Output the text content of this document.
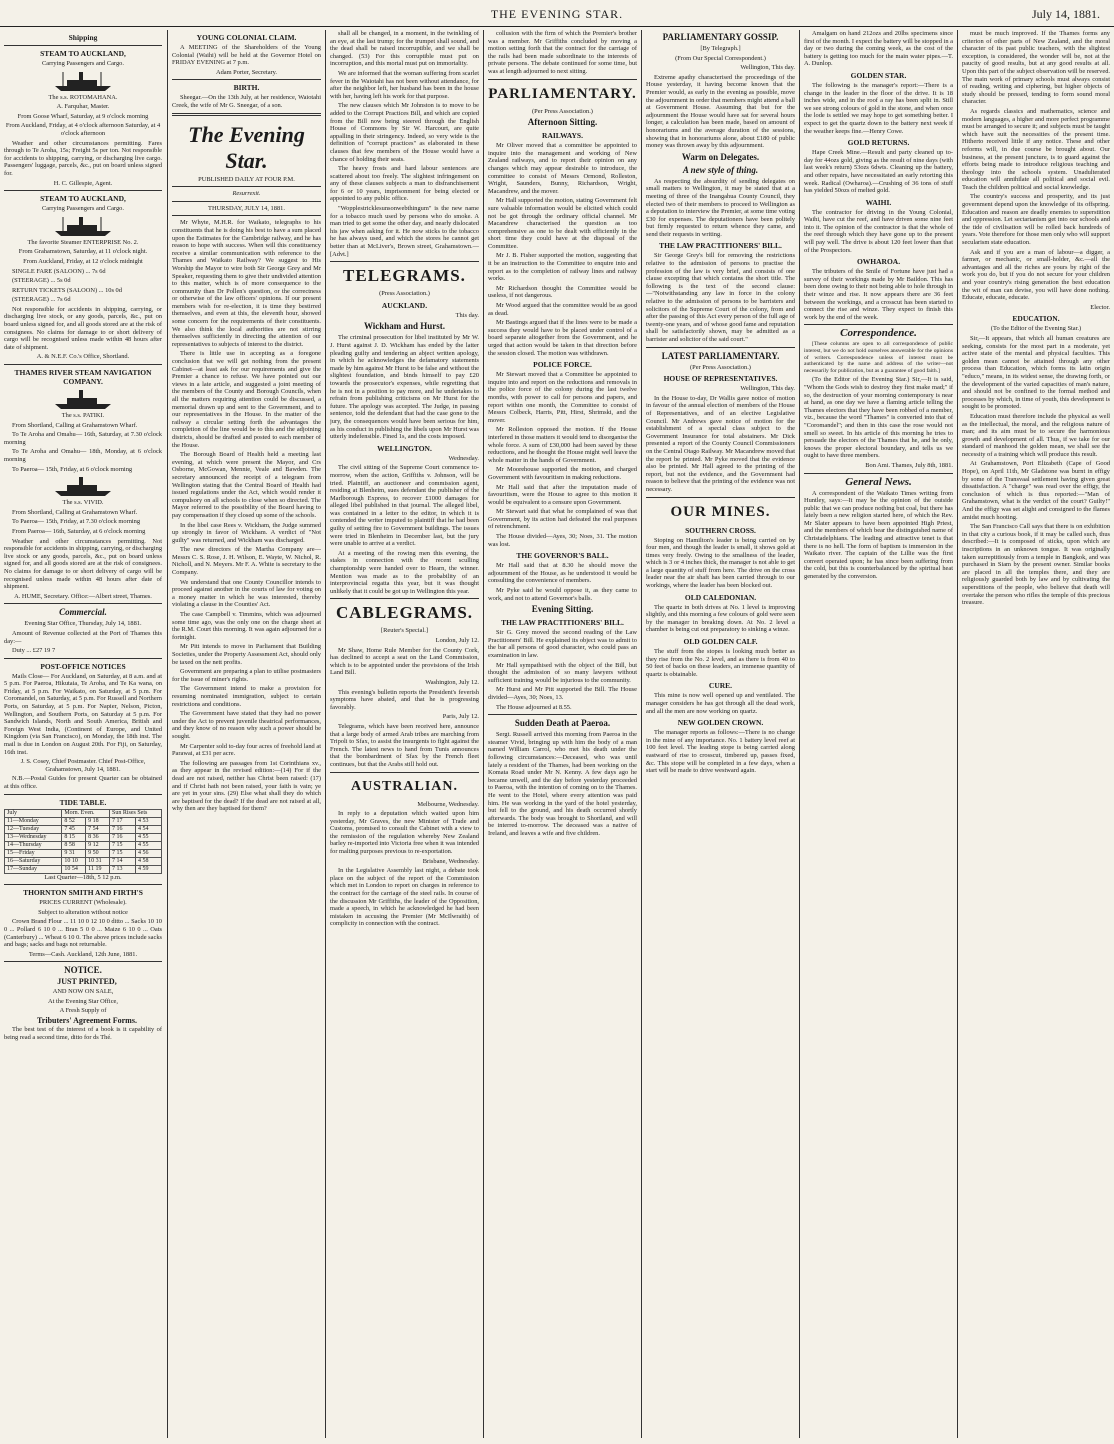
THE EVENING STAR.	July 14, 1881.
Shipping
STEAM TO AUCKLAND,

Carrying Passengers and Cargo.

The s.s. ROTOMAHANA.

A. Farquhar, Master.

From Goose Wharf, Saturday, at 9 o'clock morning

From Auckland, Friday, at 4 o'clock afternoon Saturday, at 4 o'clock afternoon

Weather and other circumstances permitting. Fares through to Te Aroha, 15s; Freight 5s per ton. Not responsible for accidents to shipping, carrying, or discharging live cargo. Passengers' luggage, parcels, &c., put on board unless signed for.

H. C. Gillespie, Agent.

STEAM TO AUCKLAND,

Carrying Passengers and Cargo.

The favorite Steamer ENTERPRISE No. 2.

From Grahamstown, Saturday, at 11 o'clock night.

From Auckland, Friday, at 12 o'clock midnight

SINGLE FARE (SALOON) ... 7s 6d

(STEERAGE) ... 5s 0d

RETURN TICKETS (SALOON) ... 10s 0d

(STEERAGE) ... 7s 6d

Not responsible for accidents in shipping, carrying, or discharging live stock, or any goods, parcels, &c., put on board unless signed for, and all goods stored are at the risk of consignees. No claims for damage to or short delivery of cargo will be recognised unless made within 48 hours after date of shipment.

A. & N.E.F. Co.'s Office, Shortland.

THAMES RIVER STEAM NAVIGATION COMPANY.

The s.s. PATIKI.

From Shortland, Calling at Grahamstown Wharf.

To Te Aroha and Omahu— 16th, Saturday, at 7.30 o'clock morning

To Te Aroha and Omahu— 18th, Monday, at 6 o'clock morning

To Paeroa— 15th, Friday, at 6 o'clock morning

The s.s. VIVID.

From Shortland, Calling at Grahamstown Wharf.

To Paeroa— 15th, Friday, at 7.30 o'clock morning

From Paeroa— 16th, Saturday, at 6 o'clock morning

Weather and other circumstances permitting. Not responsible for accidents in shipping, carrying, or discharging live stock or any goods, parcels, &c., put on board unless signed for, and all goods stored are at the risk of consignees. No claims for damage to or short delivery of cargo will be recognised unless made within 48 hours after date of shipment.

A. HUME, Secretary. Office:—Albert street, Thames.

Commercial.

Evening Star Office, Thursday, July 14, 1881.

Amount of Revenue collected at the Port of Thames this day:—

Duty ... £27 19 7

POST-OFFICE NOTICES

Mails Close— For Auckland, on Saturday, at 8 a.m. and at 5 p.m. For Paeroa, Hikutaia, Te Aroha, and Te Ka wana, on Friday, at 5 p.m. For Waikato, on Saturday, at 5 p.m. For Coromandel, on Saturday, at 5 p.m. For Russell and Northern Ports, on Saturday, at 5 p.m. For Napier, Nelson, Picton, Wellington, and Southern Ports, on Saturday at 5 p.m. For Sandwich Islands, North and South America, British and Foreign West India, (Continent of Europe, and United Kingdom (via San Francisco), on Monday, the 18th inst. The mail is due in London on August 20th. For Fiji, on Saturday, 16th inst.

J. S. Cosey, Chief Postmaster. Chief Post-Office, Grahamstown, July 14, 1881.

N.B.—Postal Guides for present Quarter can be obtained at this office.

TIDE TABLE.
July	Morn. Even.		Sun Rises Sets	
11—Monday	8 52	9 18	7 17	4 53
12—Tuesday	7 45	7 54	7 16	4 54
13—Wednesday	8 15	8 36	7 16	4 55
14—Thursday	8 58	9 12	7 15	4 55
15—Friday	9 31	9 50	7 15	4 56
16—Saturday	10 10	10 31	7 14	4 58
17—Sunday	10 54	11 19	7 13	4 59

Last Quarter—18th, 5 12 p.m.

THORNTON SMITH AND FIRTH'S

PRICES CURRENT (Wholesale).

Subject to alteration without notice

Crown Brand Flour ... 11 10 0 12 10 0 ditto ... Sacks 10 10 0 ... Pollard 6 10 0 ... Bran 5 0 0 ... Maize 6 10 0 ... Oats (Canterbury) ... Wheat 6 10 0. The above prices include sacks and bags; sacks and bags not returnable.

Terms—Cash. Auckland, 12th June, 1881.

NOTICE.

JUST PRINTED,

AND NOW ON SALE,

At the Evening Star Office,

A Fresh Supply of

Tributers' Agreement Forms.

The best test of the interest of a book is it capability of being read a second time, ditto for ds Thé.

YOUNG COLONIAL CLAIM.

A MEETING of the Shareholders of the Young Colonial (Waihi) will be held at the Governor Hotel on FRIDAY EVENING at 7 p.m.

Adam Porter, Secretary.

BIRTH.

Sheegar.—On the 13th July, at her residence, Waiotahi Creek, the wife of Mr G. Sneegar, of a son.

The Evening Star.

PUBLISHED DAILY AT FOUR P.M.

Resurrexit.

THURSDAY, JULY 14, 1881.

Mr Whyte, M.H.R. for Waikato, telegraphs to his constituents that he is doing his best to have a sum placed upon the Estimates for the Cambridge railway, and he has reason to hope with success. When will this constituency receive a similar communication with reference to the Thames and Waikato Railway? We suggest to His Worship the Mayor to wire both Sir George Grey and Mr Speaker, requesting them to give their undivided attention to this matter, which is of more consequence to the community than Dr Pollen's question, or the correctness or otherwise of the law officers' opinions. If our present members wish for re-election, it is time they bestirred themselves, and even at this, the eleventh hour, showed some concern for the requirements of their constituents. We also think the local authorities are not stirring themselves sufficiently in directing the attention of our representatives to subjects of interest to the district.

There is little use in accepting as a foregone conclusion that we will get nothing from the present Cabinet—at least ask for our requirements and give the Premier a chance to refuse. We have pointed out our views in a late article, and suggested a joint meeting of the members of the County and Borough Councils, when all the matters requiring attention could be discussed, a memorial drawn up and sent to the Government, and to our representatives in the House. In the matter of the railway a circular setting forth the advantages the completion of the line would be to this and the adjoining districts, should be drafted and posted to each member of the House.

The Borough Board of Health held a meeting last evening, at which were present the Mayor, and Crs Osborne, McGowan, Mennie, Veale and Bawden. The secretary announced the receipt of a telegram from Wellington stating that the Central Board of Health had issued regulations under the Act, which would render it compulsory on all schools to close when so directed. The Mayor referred to the possibility of the Board having to pay compensation if they closed up some of the schools.

In the libel case Rees v. Wickham, the Judge summed up strongly in favor of Wickham. A verdict of "Not guilty" was returned, and Wickham was discharged.

The new directors of the Martha Company are—Messrs C. S. Rose, J. H. Wilson, E. Wayte, W. Nichol, R. Nicholl, and N. Meyers. Mr F. A. White is secretary to the Company.

We understand that one County Councillor intends to proceed against another in the courts of law for voting on a money matter in which he was interested, thereby violating a clause in the Counties' Act.

The case Campbell v. Timmins, which was adjourned some time ago, was the only one on the charge sheet at the R.M. Court this morning. It was again adjourned for a fortnight.

Mr Pitt intends to move in Parliament that Building Societies, under the Property Assessment Act, should only be taxed on the nett profits.

Government are preparing a plan to utilise postmasters for the issue of miner's rights.

The Government intend to make a provision for resuming nominated immigration, subject to certain restrictions and conditions.

The Government have stated that they had no power under the Act to prevent juvenile theatrical performances, and they know of no reason why such a power should be sought.

Mr Carpenter sold to-day four acres of freehold land at Parawai, at £31 per acre.

The following are passages from 1st Corinthians xv., as they appear in the revised edition:—(14) For if the dead are not raised, neither has Christ been raised: (17) and if Christ hath not been raised, your faith is vain; ye are yet in your sins. (29) Else what shall they do which are baptised for the dead? If the dead are not raised at all, why then are they baptised for them?

shall all be changed, in a moment, in the twinkling of an eye, at the last trump; for the trumpet shall sound, and the dead shall be raised incorruptible, and we shall be changed. (53) For this corruptible must put on incorruption, and this mortal must put on immortality.

We are informed that the woman suffering from scarlet fever in the Waiotahi has not been without attendance, for after the neighbor left, her husband has been in the house with her, having left his work for that purpose.

The new clauses which Mr Johnston is to move to be added to the Corrupt Practices Bill, and which are copied from the Bill now being steered through the English House of Commons by Sir W. Harcourt, are quite appalling in their stringency. Indeed, so very wide is the definition of "corrupt practices" as elaborated in these clauses that few members of the House would have a chance of holding their seats.

The heavy frosts and hard labour sentences are scattered about too freely. The slightest infringement on any of these clauses subjects a man to disfranchisement for 6 or 10 years, imprisonment for being elected or appointed to any public office.

"Wopplestricklesunsonwebthingum" is the new name for a tobacco much used by persons who do smoke. A man tried to get some the other day, and nearly dislocated his jaw when asking for it. He now sticks to the tobacco he has always used, and which the stores he cannot get better than at McLiver's, Brown street, Grahamstown.—[Advt.]

TELEGRAMS.

(Press Association.)

AUCKLAND.

This day.

Wickham and Hurst.

The criminal prosecution for libel instituted by Mr W. J. Hurst against J. D. Wickham has ended by the latter pleading guilty and tendering an abject written apology, in which he acknowledges the defamatory statements made by him against Mr Hurst to be false and without the slightest foundation, and binds himself to pay £20 towards the prosecutor's expenses, while regretting that he is not in a position to pay more, and he undertakes to refrain from publishing criticisms on Mr Hurst for the future. The apology was accepted. The Judge, in passing sentence, told the defendant that had the case gone to the jury, the consequences would have been serious for him, as his conduct in publishing the libels upon Mr Hurst was utterly indefensible. Fined 1s, and the costs imposed.

WELLINGTON.

Wednesday.

The civil sitting of the Supreme Court commence to-morrow, when the action, Griffiths v. Johnson, will be tried. Plaintiff, an auctioneer and commission agent, residing at Blenheim, sues defendant the publisher of the Marlborough Express, to recover £1000 damages for alleged libel published in that journal. The alleged libel, was contained in a letter to the editor, in which it is contended the writer imputed to plaintiff that he had been guilty of setting fire to Government buildings. The issues were tried in Blenheim in December last, but the jury were unable to arrive at a verdict.

At a meeting of the rowing men this evening, the stakes in connection with the recent sculling championship were handed over to Hearn, the winner. Mention was made as to the probability of an interprovincial regatta this year, but it was thought unlikely that it could be got up in Wellington this year.

CABLEGRAMS.

[Reuter's Special.]

London, July 12.

Mr Shaw, Home Rule Member for the County Cork, has declined to accept a seat on the Land Commission, which is to be appointed under the provisions of the Irish Land Bill.

Washington, July 12.

This evening's bulletin reports the President's feverish symptoms have abated, and that he is progressing favorably.

Paris, July 12.

Telegrams, which have been received here, announce that a large body of armed Arab tribes are marching from Tripoli to Sfax, to assist the insurgents to fight against the French. The latest news to hand from Tunis announces that the bombardment of Sfax by the French fleet continues, but that the Arabs still hold out.

AUSTRALIAN.

Melbourne, Wednesday.

In reply to a deputation which waited upon him yesterday, Mr Graves, the new Minister of Trade and Customs, promised to consult the Cabinet with a view to the remission of the regulation whereby New Zealand barley re-imported into Victoria free when it was intended for malting purposes previous to re-exportation.

Brisbane, Wednesday.

In the Legislative Assembly last night, a debate took place on the subject of the report of the Commission which met in London to report on charges in reference to the contract for the carriage of the steel rails. In course of the discussion Mr Griffiths, the leader of the Opposition, made a speech, in which he acknowledged he had been mistaken in accusing the Premier (Mr McIlwraith) of complicity in connection with the contract.

collusion with the firm of which the Premier's brother was a member. Mr Griffiths concluded by moving a motion setting forth that the contract for the carriage of the rails had been made subordinate to the interests of private persons. The debate continued for some time, but was at length adjourned to next sitting.

PARLIAMENTARY.

(Per Press Association.)

Afternoon Sitting.
RAILWAYS.

Mr Oliver moved that a committee be appointed to inquire into the management and working of New Zealand railways, and to report their opinion on any changes which may appear desirable to introduce, the committee to consist of Messrs Ormond, Rolleston, Wright, Saunders, Bunny, Richardson, Wright, Macandrew, and the mover.

Mr Hall supported the motion, stating Government felt sure valuable information would be elicited which could not be got through the ordinary official channel. Mr Macandrew characterised the question as too comprehensive as one to be dealt with efficiently in the short time they could have at the disposal of the Committee.

Mr J. B. Fisher supported the motion, suggesting that it be an instruction to the Committee to enquire into and report as to the completion of railway lines and railway works.

Mr Richardson thought the Committee would be useless, if not dangerous.

Mr Wood argued that the committee would be as good as dead.

Mr Bastings argued that if the lines were to be made a success they would have to be placed under control of a board separate altogether from the Government, and he urged that action would be taken in that direction before the session closed. The motion was withdrawn.

POLICE FORCE.

Mr Stewart moved that a Committee be appointed to inquire into and report on the reductions and removals in the police force of the colony during the last twelve months, with power to call for persons and papers, and report within one month, the Committee to consist of Messrs Colbeck, Harris, Pitt, Hirst, Shrimski, and the mover.

Mr Rolleston opposed the motion. If the House interfered in those matters it would tend to disorganise the whole force. A sum of £30,000 had been saved by these reductions, and he thought the House might well leave the whole matter in the hands of Government.

Mr Moorehouse supported the motion, and charged Government with favouritism in making reductions.

Mr Hall said that after the imputation made of favouritism, were the House to agree to this motion it would be equivalent to a censure upon Government.

Mr Stewart said that what he complained of was that Government, by its action had defeated the real purposes of retrenchment.

The House divided—Ayes, 30; Noes, 31. The motion was lost.

THE GOVERNOR'S BALL.

Mr Hall said that at 8.30 he should move the adjournment of the House, as he understood it would be consulting the convenience of members.

Mr Pyke said he would oppose it, as they came to work, and not to attend Governor's balls.

Evening Sitting.
THE LAW PRACTITIONERS' BILL.

Sir G. Grey moved the second reading of the Law Practitioners' Bill. He explained its object was to admit to the bar all persons of good character, who could pass an examination in law.

Mr Hall sympathised with the object of the Bill, but thought the admission of so many lawyers without sufficient training would be injurious to the community.

Mr Hurst and Mr Pitt supported the Bill. The House divided—Ayes, 30; Noes, 13.

The House adjourned at 8.55.

Sudden Death at Paeroa.

Sergt. Russell arrived this morning from Paeroa in the steamer Vivid, bringing up with him the body of a man named William Carrol, who met his death under the following circumstances:—Deceased, who was until lately a resident of the Thames, had been working on the Komata Road under Mr N. Kenny. A few days ago he became unwell, and the day before yesterday proceeded to Paeroa, with the intention of coming on to the Thames. He went to the Hotel, where every attention was paid him. He was working in the yard of the hotel yesterday, but fell to the ground, and his death occurred shortly afterwards. The body was brought to Shortland, and will be interred to-morrow. The deceased was a native of Ireland, and leaves a wife and five children.

PARLIAMENTARY GOSSIP.

[By Telegraph.]

(From Our Special Correspondent.)

Wellington, This day.

Extreme apathy characterised the proceedings of the House yesterday, it having become known that the Premier would, as early in the evening as possible, move the adjournment in order that members might attend a ball at Government House. Assuming that but for the adjournment the House would have sat for several hours longer, a calculation has been made, based on amount of honorariums and the average duration of the sessions, showing that in honorariums alone, about £180 of public money was thrown away by this adjournment.

Warm on Delegates.
A new style of thing.

As respecting the absurdity of sending delegates on small matters to Wellington, it may be stated that at a meeting of three of the Inangahua County Council, they elected two of their members to proceed to Wellington as a deputation to interview the Premier, at some time voting £30 for expenses. The deputationers have been politely but firmly requested to return whence they came, and send their requests in writing.

THE LAW PRACTITIONERS' BILL.

Sir George Grey's bill for removing the restrictions relative to the admission of persons to practise the profession of the law is very brief, and consists of one clause excepting that which contains the short title. The following is the text of the second clause:—"Notwithstanding any law in force in the colony relative to the admission of persons to be barristers and solicitors of the Supreme Court of the colony, from and after the passing of this Act every person of the full age of twenty-one years, and of whose good fame and reputation shall be satisfactorily shown, may be admitted as a barrister and solicitor of the said court."

LATEST PARLIAMENTARY.

(Per Press Association.)

HOUSE OF REPRESENTATIVES.

Wellington, This day.

In the House to-day, Dr Wallis gave notice of motion in favour of the annual election of members of the House of Representatives, and of an elective Legislative Council. Mr Andrews gave notice of motion for the establishment of a special class subject to the Government Insurance for total abstainers. Mr Dick presented a report of the County Council Commissioners on the Central Otago Railway. Mr Macandrew moved that the report be printed. Mr Pyke moved that the evidence also be printed. Mr Hall agreed to the printing of the report, but not the evidence, and the Government had reason to believe that the printing of the evidence was not necessary.

OUR MINES.
SOUTHERN CROSS.

Stoping on Hamilton's leader is being carried on by four men, and though the leader is small, it shows gold at times very freely. Owing to the smallness of the leader, which is 3 or 4 inches thick, the manager is not able to get a large quantity of stuff from here. The drive on the cross leader near the air shaft has been carried through to our workings, where the leader has been blocked out.

OLD CALEDONIAN.

The quartz in both drives at No. 1 level is improving slightly, and this morning a few colours of gold were seen by the manager in breaking down. At No. 2 level a chamber is being cut out preparatory to sinking a winze.

OLD GOLDEN CALF.

The stuff from the stopes is looking much better as they rise from the No. 2 level, and as there is from 40 to 50 feet of backs on these leaders, an immense quantity of quartz is obtainable.

CURE.

This mine is now well opened up and ventilated. The manager considers he has got through all the dead work, and all the men are now working on quartz.

NEW GOLDEN CROWN.

The manager reports as follows:—There is no change in the mine of any importance. No. 1 battery level reef at 100 feet level. The leading stope is being carried along eastward of rise to crosscut, timbered up, passes fixed, &c. This stope will be completed in a few days, when a start will be made to drive westward again.

Amalgam on hand 212ozs and 20lbs specimens since first of the month. I expect the battery will be stopped in a day or two during the coming week, as the cost of the battery is getting too much for the main water pipes.—T. A. Dunlop.

GOLDEN STAR.

The following is the manager's report:—There is a change in the leader in the floor of the drive. It is 18 inches wide, and in the roof a ray has been split in. Still we see strong colours of gold in the stone, and when once the lode is settled we may hope to get something better. I expect to get the quartz down to the battery next week if the weather keeps fine.—Henry Cowe.

GOLD RETURNS.

Hape Creek Mine.—Result and party cleaned up to-day for 44ozs gold, giving as the result of nine days (with last week's return) 53ozs 6dwts. Cleaning up the battery, and other repairs, have necessitated an early retorting this week. Radical (Owharoa).—Crushing of 36 tons of stuff has yielded 50ozs of melted gold.

WAIHI.

The contractor for driving in the Young Colonial, Waihi, have cut the reef, and have driven some nine feet into it. The opinion of the contractor is that the whole of the reef through which they have gone up to the present will pay well. The drive is about 120 feet lower than that of the Prospectors.

OWHAROA.

The tributers of the Smile of Fortune have just had a survey of their workings made by Mr Baildon. This has been done owing to their not being able to hole through in their winze and rise. It now appears there are 36 feet between the workings, and a crosscut has been started to connect the rise and winze. They expect to finish this work by the end of the week.

Correspondence.

[These columns are open to all correspondence of public interest, but we do not hold ourselves answerable for the opinions of writers. Correspondence unless of interest must be authenticated by the name and address of the writer—not necessarily for publication, but as a guarantee of good faith.]

(To the Editor of the Evening Star.) Sir,—It is said, "Whom the Gods wish to destroy they first make mad;" if so, the destruction of your morning contemporary is near at hand, as one day we have a flaming article telling the Thames electors that they have been robbed of a member, viz., because the word "Thames" is converted into that of "Coromandel"; and then in this case the rose would not smell so sweet. In his article of this morning he tries to persuade the electors of the Thames that he, and he only, knows the proper electoral boundary, and tells us we ought to have three members.

Bon Ami. Thames, July 8th, 1881.

General News.

A correspondent of the Waikato Times writing from Huntley, says:—It may be the opinion of the outside public that we can produce nothing but coal, but there has lately been a new religion started here, of which the Rev. Mr Slater appears to have been appointed High Priest, and the members of which bear the distinguished name of Christadelphians. The leading and attractive tenet is that there is no hell. The form of baptism is immersion in the Waikato river. The captain of the Lillie was the first convert operated upon; he has since been suffering from the cold, but this is counterbalanced by the spiritual heat generated by the conversion.

must be much improved. If the Thames forms any criterion of other parts of New Zealand, and the moral character of its past public teachers, with the slightest exception, is considered, the wonder will be, not at the paucity of good results, but at any good results at all. Upon this part of the subject observation will be reserved. The main work of primary schools must always consist of reading, writing and ciphering, but higher objects of study should be pressed, tending to form sound moral character.

As regards classics and mathematics, science and modern languages, a higher and more perfect programme must be arranged to secure it; and subjects must be taught which have suit the necessities of the present time. Hitherto received little if any notice. These and other reforms will, in due course be brought about. Our business, at the present juncture, is to guard against the efforts being made to introduce religious teaching and theology into the schools system. Unadulterated education will annihilate all political and social evil. Teach the children political and social knowledge.

The country's success and prosperity, and its just government depend upon the knowledge of its offspring. Education and reason are deadly enemies to superstition and oppression. Let sectarianism get into our schools and the tide of civilisation will be rolled back hundreds of years. Vote therefore for those men only who will support secularism state education.

Ask and if you are a man of labour—a digger, a farmer, or mechanic, or small-holder, &c.—all the advantages and all the riches are yours by right of the work you do, but if you do not secure for your children and your country's rising generation the best education the wit of man can devise, you will have done nothing. Educate, educate, educate.

Elector.

EDUCATION.

(To the Editor of the Evening Star.)

Sir,—It appears, that which all human creatures are seeking, consists for the most part in a moderate, yet active state of the mental and physical faculties. This golden mean cannot be attained through any other process than Education, which forms its latin origin "educo," means, in its widest sense, the drawing forth, or the development of the varied capacities of man's nature, and should not be confined to the formal method and processes by which, in time of youth, this development is sought to be promoted.

Education must therefore include the physical as well as the intellectual, the moral, and the religious nature of man; and its aim must be to secure the harmonious growth and development of all. Thus, if we take for our standard of manhood the golden mean, we shall see the necessity of a training which will produce this result.

At Grahamstown, Port Elizabeth (Cape of Good Hope), on April 11th, Mr Gladstone was burnt in effigy by some of the Transvaal settlement having given great dissatisfaction. A "charge" was read over the effigy, the conclusion of which is thus reported:—"Man of Grahamstown, what is the verdict of the court? Guilty!" And the effigy was set alight and consigned to the flames amidst much hooting.

The San Francisco Call says that there is on exhibition in that city a curious book, if it may be called such, thus described:—It is composed of sticks, upon which are inscriptions in an unknown tongue. It was originally taken surreptitiously from a temple in Bangkok, and was purchased in Siam by the present owner. Similar books are placed in all the temples there, and they are religiously guarded both by law and by cultivating the superstitions of the people, who believe that death will overtake the person who rifles the temple of this precious treasure.
